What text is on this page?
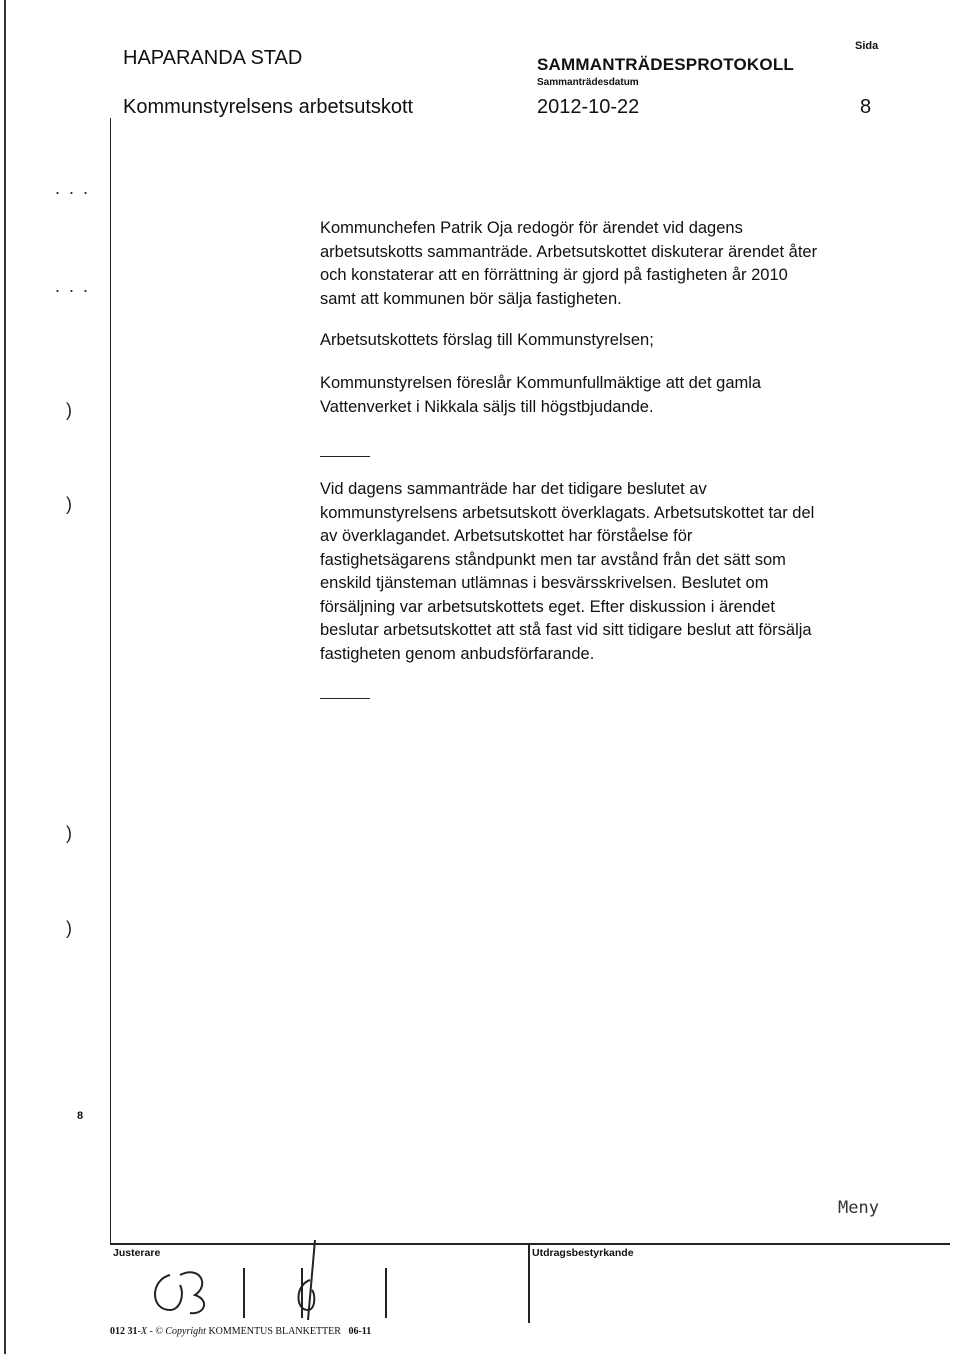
HAPARANDA STAD
Kommunstyrelsens arbetsutskott
SAMMANTRÄDESPROTOKOLL
Sammanträdesdatum
2012-10-22
Sida
8
. . .
. . .
)
)
)
)
8

Kommunchefen Patrik Oja redogör för ärendet vid dagens

arbetsutskotts sammanträde. Arbetsutskottet diskuterar ärendet åter

och konstaterar att en förrättning är gjord på fastigheten år 2010

samt att kommunen bör sälja fastigheten.

Arbetsutskottets förslag till Kommunstyrelsen;

Kommunstyrelsen föreslår Kommunfullmäktige att det gamla

Vattenverket i Nikkala säljs till högstbjudande.

Vid dagens sammanträde har det tidigare beslutet av

kommunstyrelsens arbetsutskott överklagats. Arbetsutskottet tar del

av överklagandet. Arbetsutskottet har förståelse för

fastighetsägarens ståndpunkt men tar avstånd från det sätt som

enskild tjänsteman utlämnas i besvärsskrivelsen. Beslutet om

försäljning var arbetsutskottets eget. Efter diskussion i ärendet

beslutar arbetsutskottet att stå fast vid sitt tidigare beslut att försälja

fastigheten genom anbudsförfarande.

Meny
Justerare	Utdragsbestyrkande
012 31-X - © Copyright KOMMENTUS BLANKETTER 06-11
